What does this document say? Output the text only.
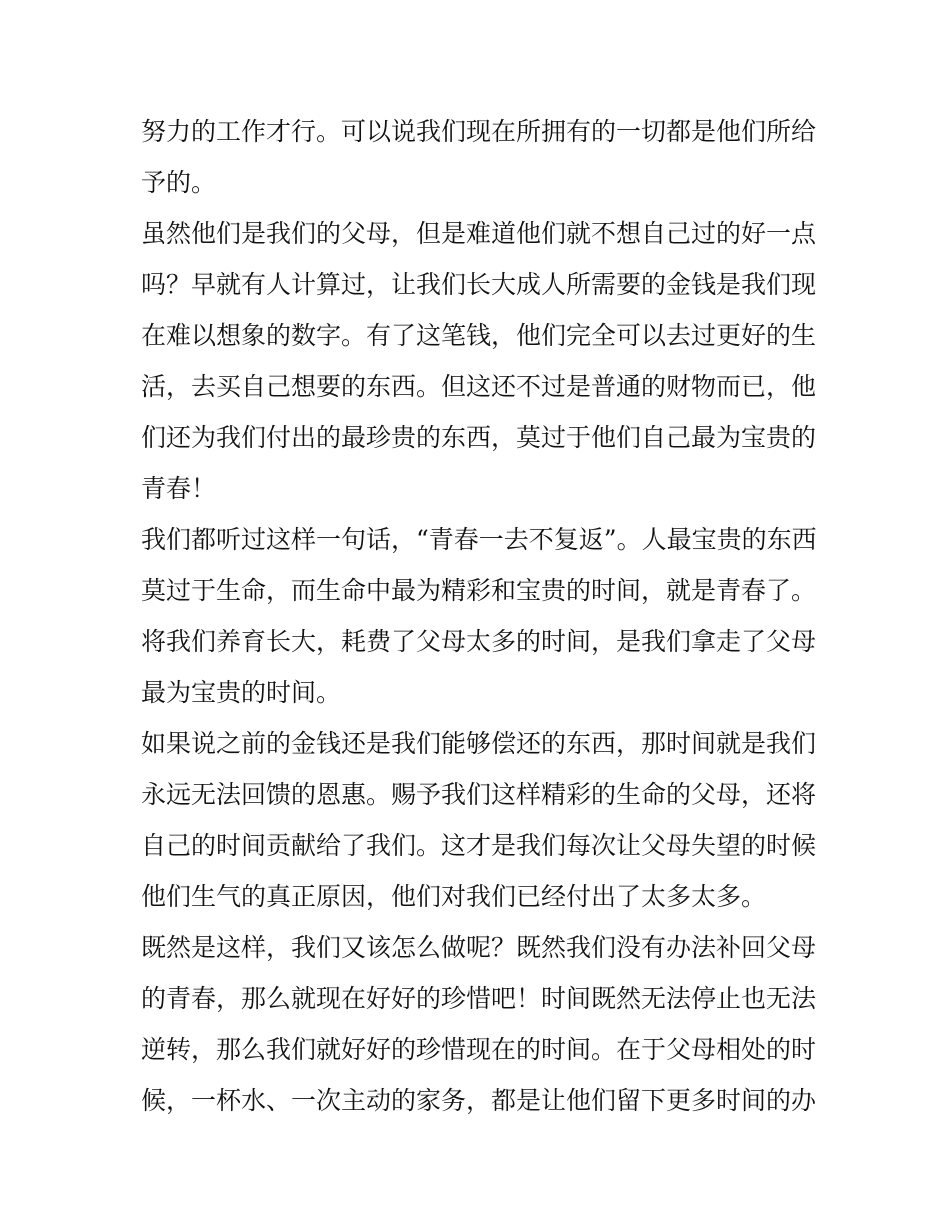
努力的工作才行。可以说我们现在所拥有的一切都是他们所给
予的。
虽然他们是我们的父母，但是难道他们就不想自己过的好一点
吗？早就有人计算过，让我们长大成人所需要的金钱是我们现
在难以想象的数字。有了这笔钱，他们完全可以去过更好的生
活，去买自己想要的东西。但这还不过是普通的财物而已，他
们还为我们付出的最珍贵的东西，莫过于他们自己最为宝贵的
青春！
我们都听过这样一句话，“青春一去不复返”。人最宝贵的东西
莫过于生命，而生命中最为精彩和宝贵的时间，就是青春了。
将我们养育长大，耗费了父母太多的时间，是我们拿走了父母
最为宝贵的时间。
如果说之前的金钱还是我们能够偿还的东西，那时间就是我们
永远无法回馈的恩惠。赐予我们这样精彩的生命的父母，还将
自己的时间贡献给了我们。这才是我们每次让父母失望的时候
他们生气的真正原因，他们对我们已经付出了太多太多。
既然是这样，我们又该怎么做呢？既然我们没有办法补回父母
的青春，那么就现在好好的珍惜吧！时间既然无法停止也无法
逆转，那么我们就好好的珍惜现在的时间。在于父母相处的时
候，一杯水、一次主动的家务，都是让他们留下更多时间的办
